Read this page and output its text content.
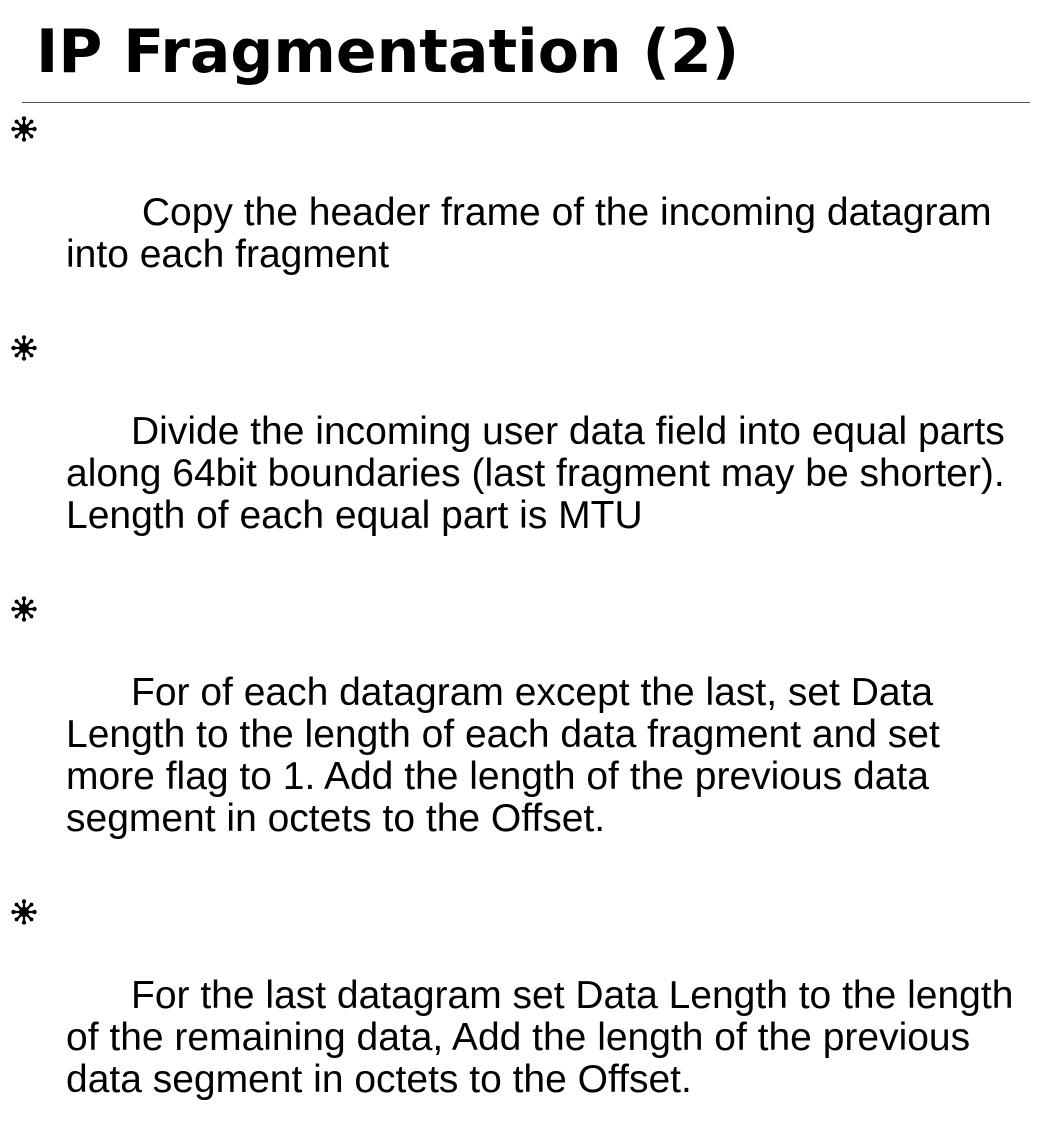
IP Fragmentation (2)

Copy the header frame of the incoming datagram into each fragment

Divide the incoming user data field into equal parts along 64bit boundaries (last fragment may be shorter).  Length of each equal part is MTU

For of each datagram except the last, set Data Length to the length of each data fragment and set more flag to 1. Add the length of the previous data segment in octets to the Offset.

For the last datagram set Data Length to the length of the remaining data, Add the length of the previous data segment in octets to the Offset.
